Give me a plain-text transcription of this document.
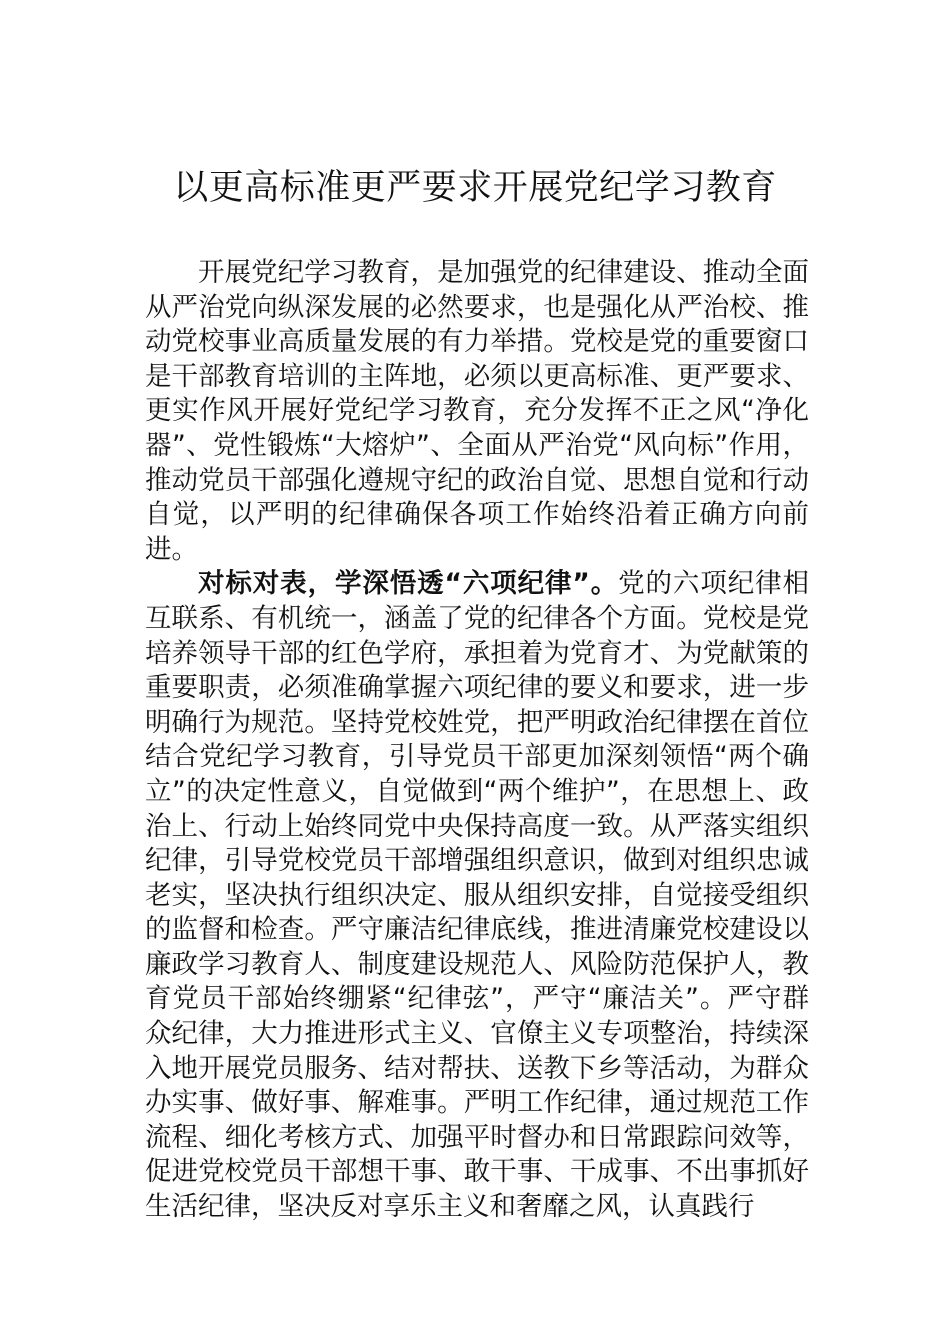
以更高标准更严要求开展党纪学习教育

开展党纪学习教育，是加强党的纪律建设、推动全面从严治党向纵深发展的必然要求，也是强化从严治校、推动党校事业高质量发展的有力举措。党校是党的重要窗口是干部教育培训的主阵地，必须以更高标准、更严要求、更实作风开展好党纪学习教育，充分发挥不正之风“净化器”、党性锻炼“大熔炉”、全面从严治党“风向标”作用，推动党员干部强化遵规守纪的政治自觉、思想自觉和行动自觉，以严明的纪律确保各项工作始终沿着正确方向前进。

对标对表，学深悟透“六项纪律”。党的六项纪律相互联系、有机统一，涵盖了党的纪律各个方面。党校是党培养领导干部的红色学府，承担着为党育才、为党献策的重要职责，必须准确掌握六项纪律的要义和要求，进一步明确行为规范。坚持党校姓党，把严明政治纪律摆在首位结合党纪学习教育，引导党员干部更加深刻领悟“两个确立”的决定性意义，自觉做到“两个维护”，在思想上、政治上、行动上始终同党中央保持高度一致。从严落实组织纪律，引导党校党员干部增强组织意识，做到对组织忠诚老实，坚决执行组织决定、服从组织安排，自觉接受组织的监督和检查。严守廉洁纪律底线，推进清廉党校建设以廉政学习教育人、制度建设规范人、风险防范保护人，教育党员干部始终绷紧“纪律弦”，严守“廉洁关”。严守群众纪律，大力推进形式主义、官僚主义专项整治，持续深入地开展党员服务、结对帮扶、送教下乡等活动，为群众办实事、做好事、解难事。严明工作纪律，通过规范工作流程、细化考核方式、加强平时督办和日常跟踪问效等，促进党校党员干部想干事、敢干事、干成事、不出事抓好生活纪律，坚决反对享乐主义和奢靡之风，认真践行
